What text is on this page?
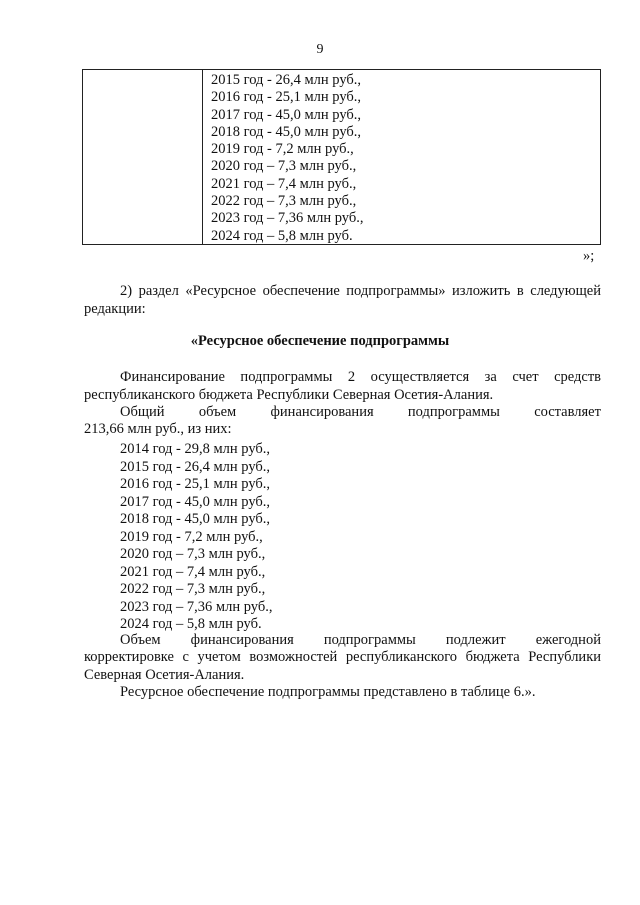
9
2015 год - 26,4 млн руб.,
2016 год - 25,1 млн руб.,
2017 год - 45,0 млн руб.,
2018 год - 45,0 млн руб.,
2019 год - 7,2 млн руб.,
2020 год – 7,3 млн руб.,
2021 год – 7,4 млн руб.,
2022 год – 7,3 млн руб.,
2023 год – 7,36 млн руб.,
2024 год – 5,8 млн руб.
»;
2) раздел «Ресурсное обеспечение подпрограммы» изложить в следующей редакции:
«Ресурсное обеспечение подпрограммы
Финансирование подпрограммы 2 осуществляется за счет средств республиканского бюджета Республики Северная Осетия-Алания.
Общий объем финансирования подпрограммы составляет
213,66 млн руб., из них:
2014 год - 29,8 млн руб.,
2015 год - 26,4 млн руб.,
2016 год - 25,1 млн руб.,
2017 год - 45,0 млн руб.,
2018 год - 45,0 млн руб.,
2019 год - 7,2 млн руб.,
2020 год – 7,3 млн руб.,
2021 год – 7,4 млн руб.,
2022 год – 7,3 млн руб.,
2023 год – 7,36 млн руб.,
2024 год – 5,8 млн руб.
Объем финансирования подпрограммы подлежит ежегодной
корректировке с учетом возможностей республиканского бюджета Республики Северная Осетия-Алания.
Ресурсное обеспечение подпрограммы представлено в таблице 6.».
